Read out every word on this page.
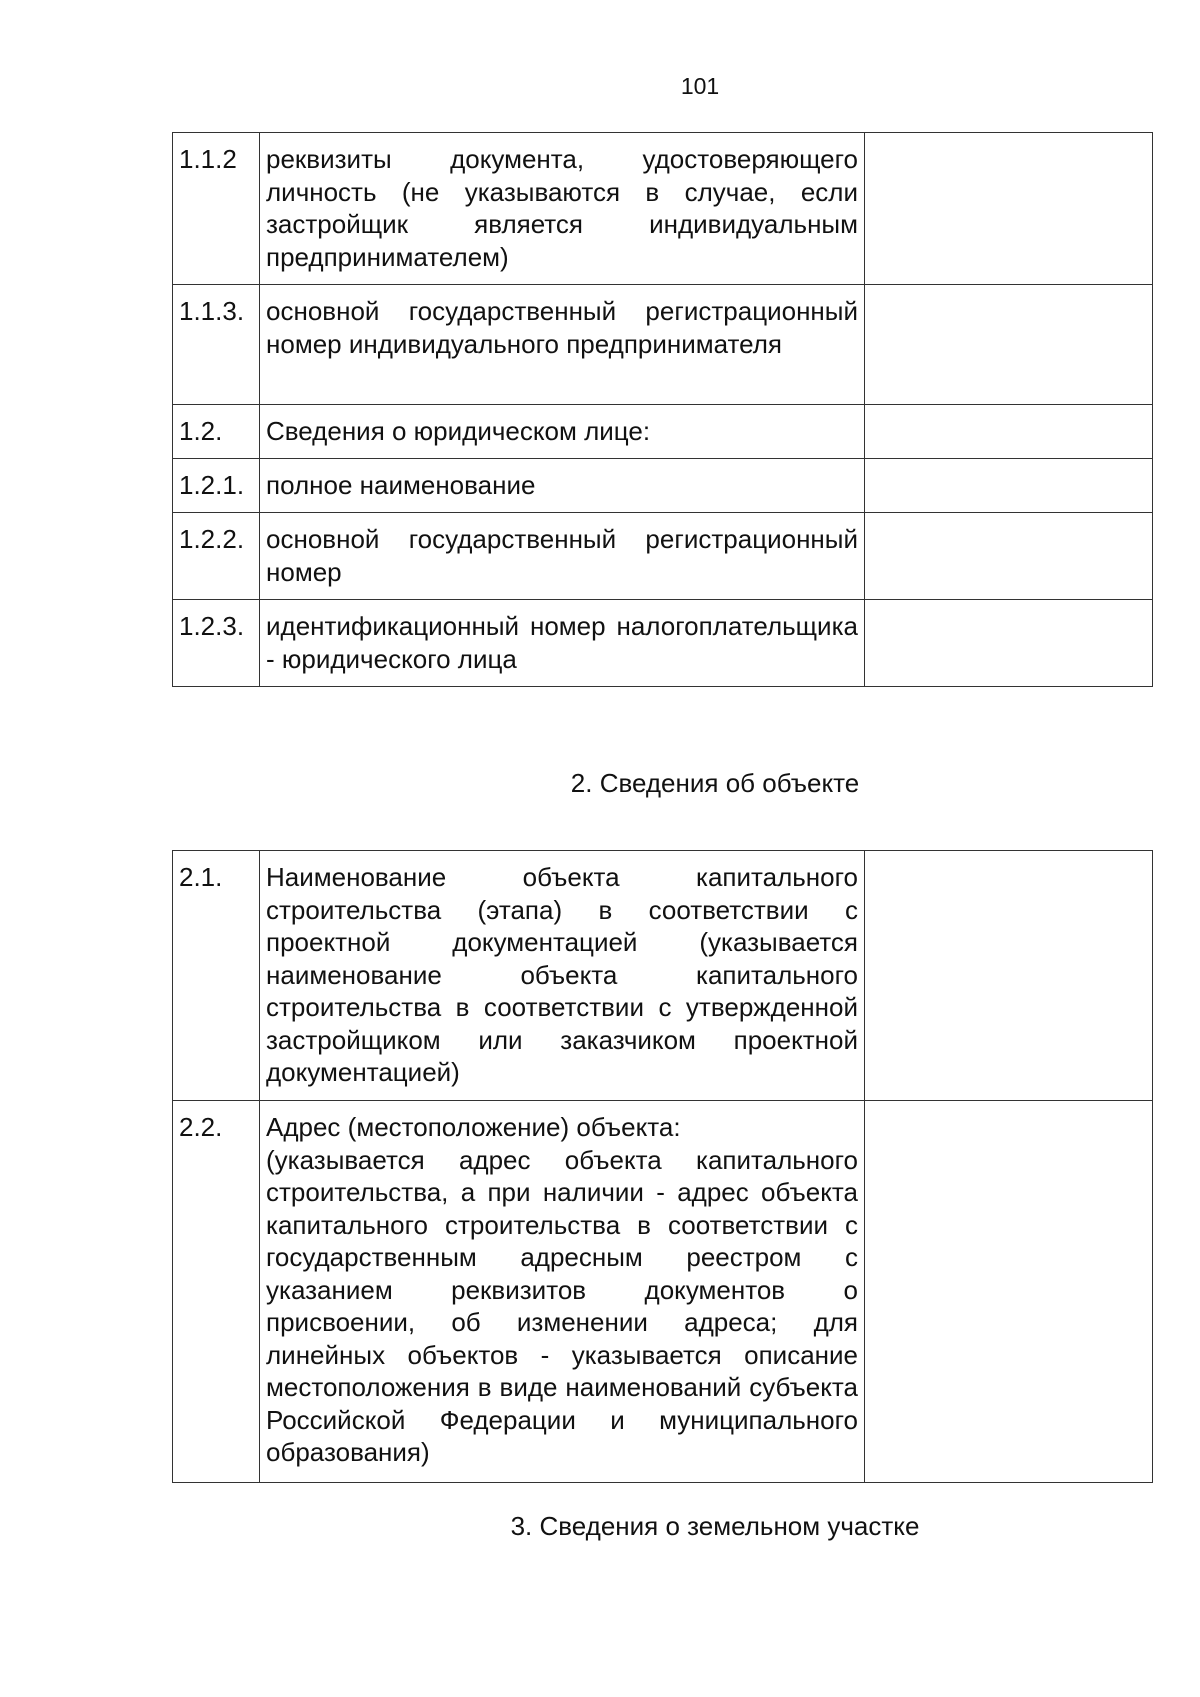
101
1.1.2	реквизиты документа, удостоверяющего личность (не указываются в случае, если застройщик является индивидуальным предпринимателем)	
1.1.3.	основной государственный регистрационный номер индивидуального предпринимателя	
1.2.	Сведения о юридическом лице:	
1.2.1.	полное наименование	
1.2.2.	основной государственный регистрационный номер	
1.2.3.	идентификационный номер налогоплательщика - юридического лица	
2. Сведения об объекте
2.1.	Наименование объекта капитального строительства (этапа) в соответствии с проектной документацией (указывается наименование объекта капитального строительства в соответствии с утвержденной застройщиком или заказчиком проектной документацией)	
2.2.	Адрес (местоположение) объекта:
(указывается адрес объекта капитального строительства, а при наличии - адрес объекта капитального строительства в соответствии с государственным адресным реестром с указанием реквизитов документов о присвоении, об изменении адреса; для линейных объектов - указывается описание местоположения в виде наименований субъекта Российской Федерации и муниципального образования)	

3. Сведения о земельном участке
